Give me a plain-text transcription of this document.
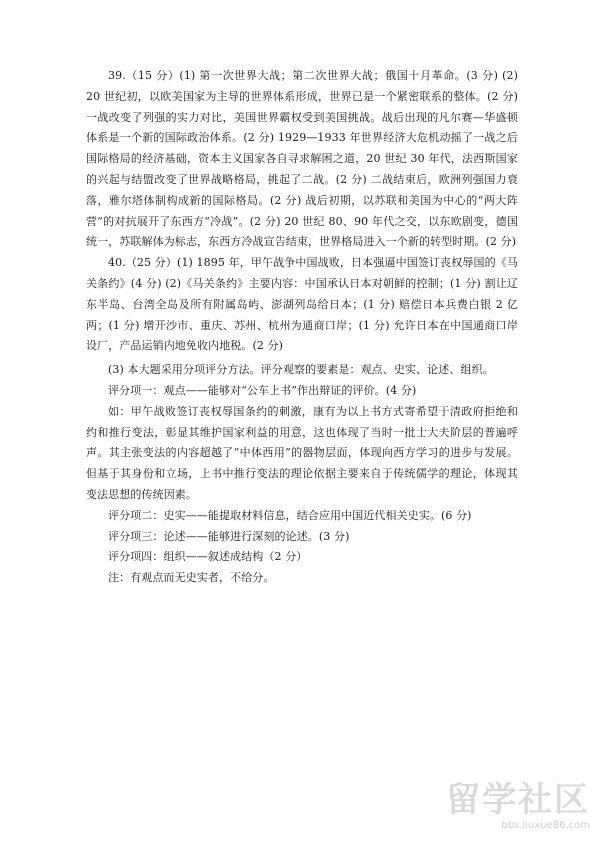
39.（15 分）(1) 第一次世界大战；第二次世界大战；俄国十月革命。(3 分) (2) 20 世纪初，以欧美国家为主导的世界体系形成，世界已是一个紧密联系的整体。(2 分) 一战改变了列强的实力对比，美国世界霸权受到美国挑战。战后出现的凡尔赛—华盛顿体系是一个新的国际政治体系。(2 分) 1929—1933 年世界经济大危机动摇了一战之后国际格局的经济基础，资本主义国家各自寻求解困之道，20 世纪 30 年代，法西斯国家的兴起与结盟改变了世界战略格局，挑起了二战。(2 分) 二战结束后，欧洲列强国力衰落，雅尔塔体制构成新的国际格局。(2 分) 战后初期，以苏联和美国为中心的“两大阵营”的对抗展开了东西方“冷战”。(2 分) 20 世纪 80、90 年代之交，以东欧剧变，德国统一，苏联解体为标志，东西方冷战宣告结束，世界格局进入一个新的转型时期。(2 分)

40.（25 分）(1) 1895 年，甲午战争中国战败，日本强逼中国签订丧权辱国的《马关条约》(4 分) (2)《马关条约》主要内容：中国承认日本对朝鲜的控制；(1 分) 割让辽东半岛、台湾全岛及所有附属岛屿、澎湖列岛给日本；(1 分) 赔偿日本兵费白银 2 亿两；(1 分) 增开沙市、重庆、苏州、杭州为通商口岸；(1 分) 允许日本在中国通商口岸设厂，产品运销内地免收内地税。(2 分)

(3) 本大题采用分项评分方法。评分观察的要素是：观点、史实、论述、组织。

评分项一：观点——能够对“公车上书”作出辩证的评价。(4 分)

如：甲午战败签订丧权辱国条约的刺激，康有为以上书方式寄希望于清政府拒绝和约和推行变法，彰显其维护国家利益的用意，这也体现了当时一批士大夫阶层的普遍呼声。其主张变法的内容超越了“中体西用”的器物层面，体现向西方学习的进步与发展。但基于其身份和立场，上书中推行变法的理论依据主要来自于传统儒学的理论，体现其变法思想的传统因素。

评分项二：史实——能提取材料信息，结合应用中国近代相关史实。(6 分)

评分项三：论述——能够进行深刻的论述。(3 分)

评分项四：组织——叙述成结构（2 分）

注：有观点而无史实者，不给分。

留学社区
bbs.liuxue86.com
